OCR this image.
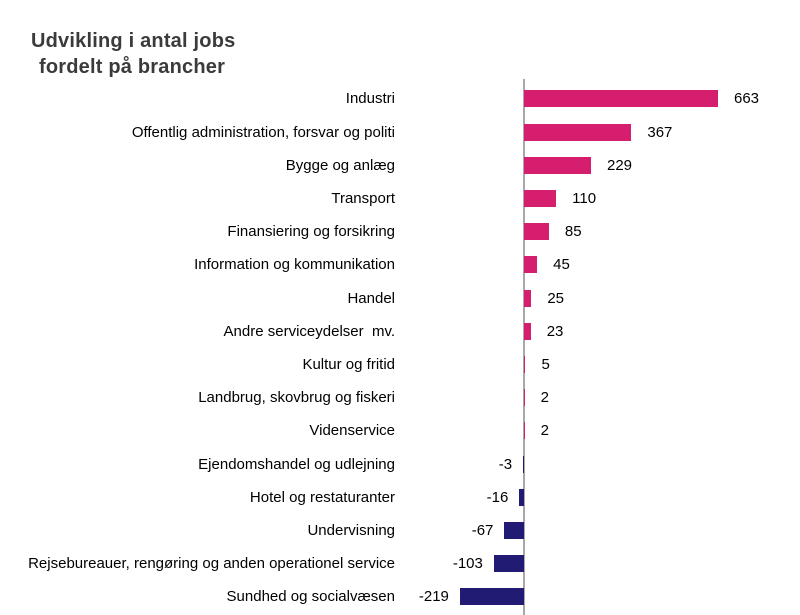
Udvikling i antal jobs
fordelt på brancher
Industri	663
Offentlig administration, forsvar og politi	367
Bygge og anlæg	229
Transport	110
Finansiering og forsikring	85
Information og kommunikation	45
Handel	25
Andre serviceydelser  mv.	23
Kultur og fritid	5
Landbrug, skovbrug og fiskeri	2
Videnservice	2
Ejendomshandel og udlejning	-3
Hotel og restaturanter	-16
Undervisning	-67
Rejsebureauer, rengøring og anden operationel service	-103
Sundhed og socialvæsen -219
